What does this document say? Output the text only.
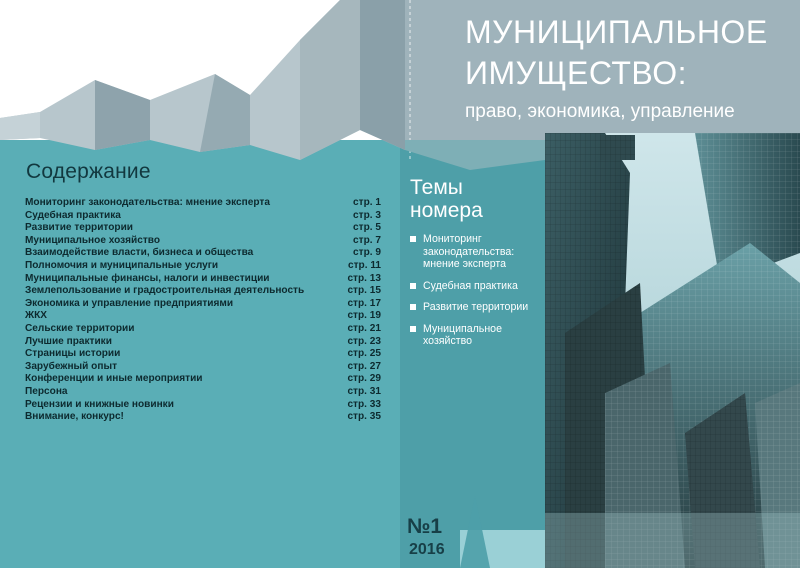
МУНИЦИПАЛЬНОЕ
ИМУЩЕСТВО:
право, экономика, управление
Содержание
Мониторинг законодательства: мнение эксперта	стр. 1
Судебная практика	стр. 3
Развитие территории	стр. 5
Муниципальное хозяйство	стр. 7
Взаимодействие власти, бизнеса и общества	стр. 9
Полномочия и муниципальные услуги	стр. 11
Муниципальные финансы, налоги и инвестиции	стр. 13
Землепользование и градостроительная деятельность	стр. 15
Экономика и управление предприятиями	стр. 17
ЖКХ	стр. 19
Сельские территории	стр. 21
Лучшие практики	стр. 23
Страницы истории	стр. 25
Зарубежный опыт	стр. 27
Конференции и иные мероприятии	стр. 29
Персона	стр. 31
Рецензии и книжные новинки	стр. 33
Внимание, конкурс!	стр. 35
Темы
номера
Мониторинг законодательства: мнение эксперта
Судебная практика
Развитие территории
Муниципальное хозяйство
№1
2016
